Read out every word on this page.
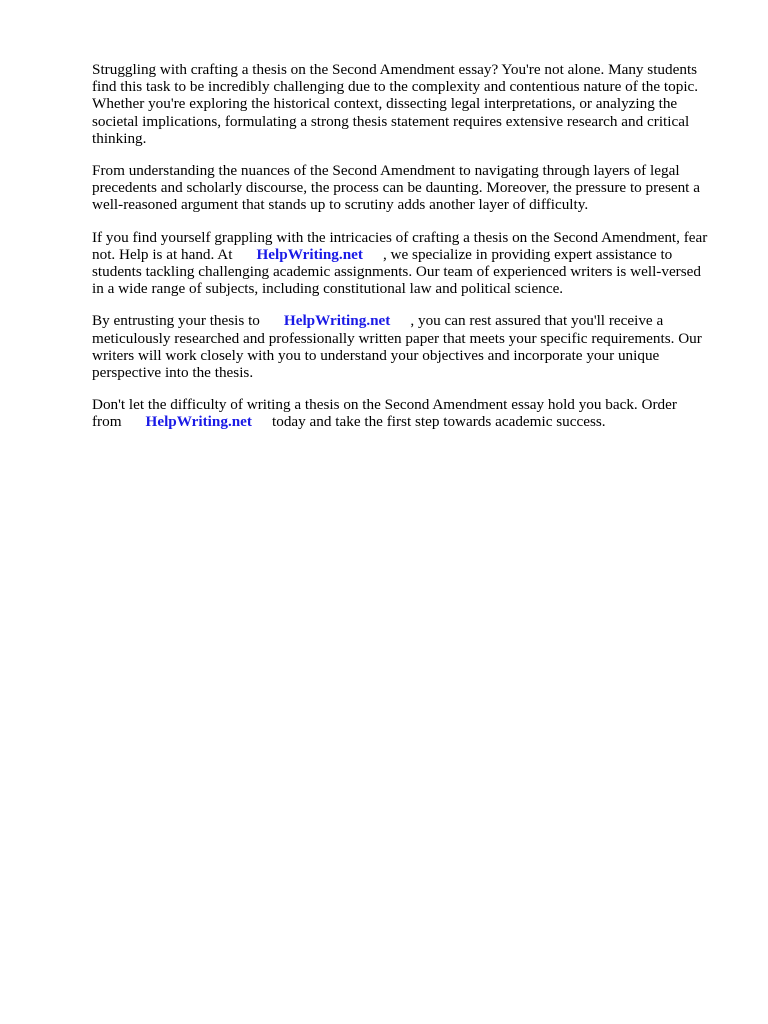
Struggling with crafting a thesis on the Second Amendment essay? You're not alone. Many students
find this task to be incredibly challenging due to the complexity and contentious nature of the topic.
Whether you're exploring the historical context, dissecting legal interpretations, or analyzing the
societal implications, formulating a strong thesis statement requires extensive research and critical
thinking.

From understanding the nuances of the Second Amendment to navigating through layers of legal
precedents and scholarly discourse, the process can be daunting. Moreover, the pressure to present a
well-reasoned argument that stands up to scrutiny adds another layer of difficulty.

If you find yourself grappling with the intricacies of crafting a thesis on the Second Amendment, fear
not. Help is at hand. At HelpWriting.net , we specialize in providing expert assistance to
students tackling challenging academic assignments. Our team of experienced writers is well-versed
in a wide range of subjects, including constitutional law and political science.

By entrusting your thesis to HelpWriting.net , you can rest assured that you'll receive a
meticulously researched and professionally written paper that meets your specific requirements. Our
writers will work closely with you to understand your objectives and incorporate your unique
perspective into the thesis.

Don't let the difficulty of writing a thesis on the Second Amendment essay hold you back. Order
from HelpWriting.net today and take the first step towards academic success.
